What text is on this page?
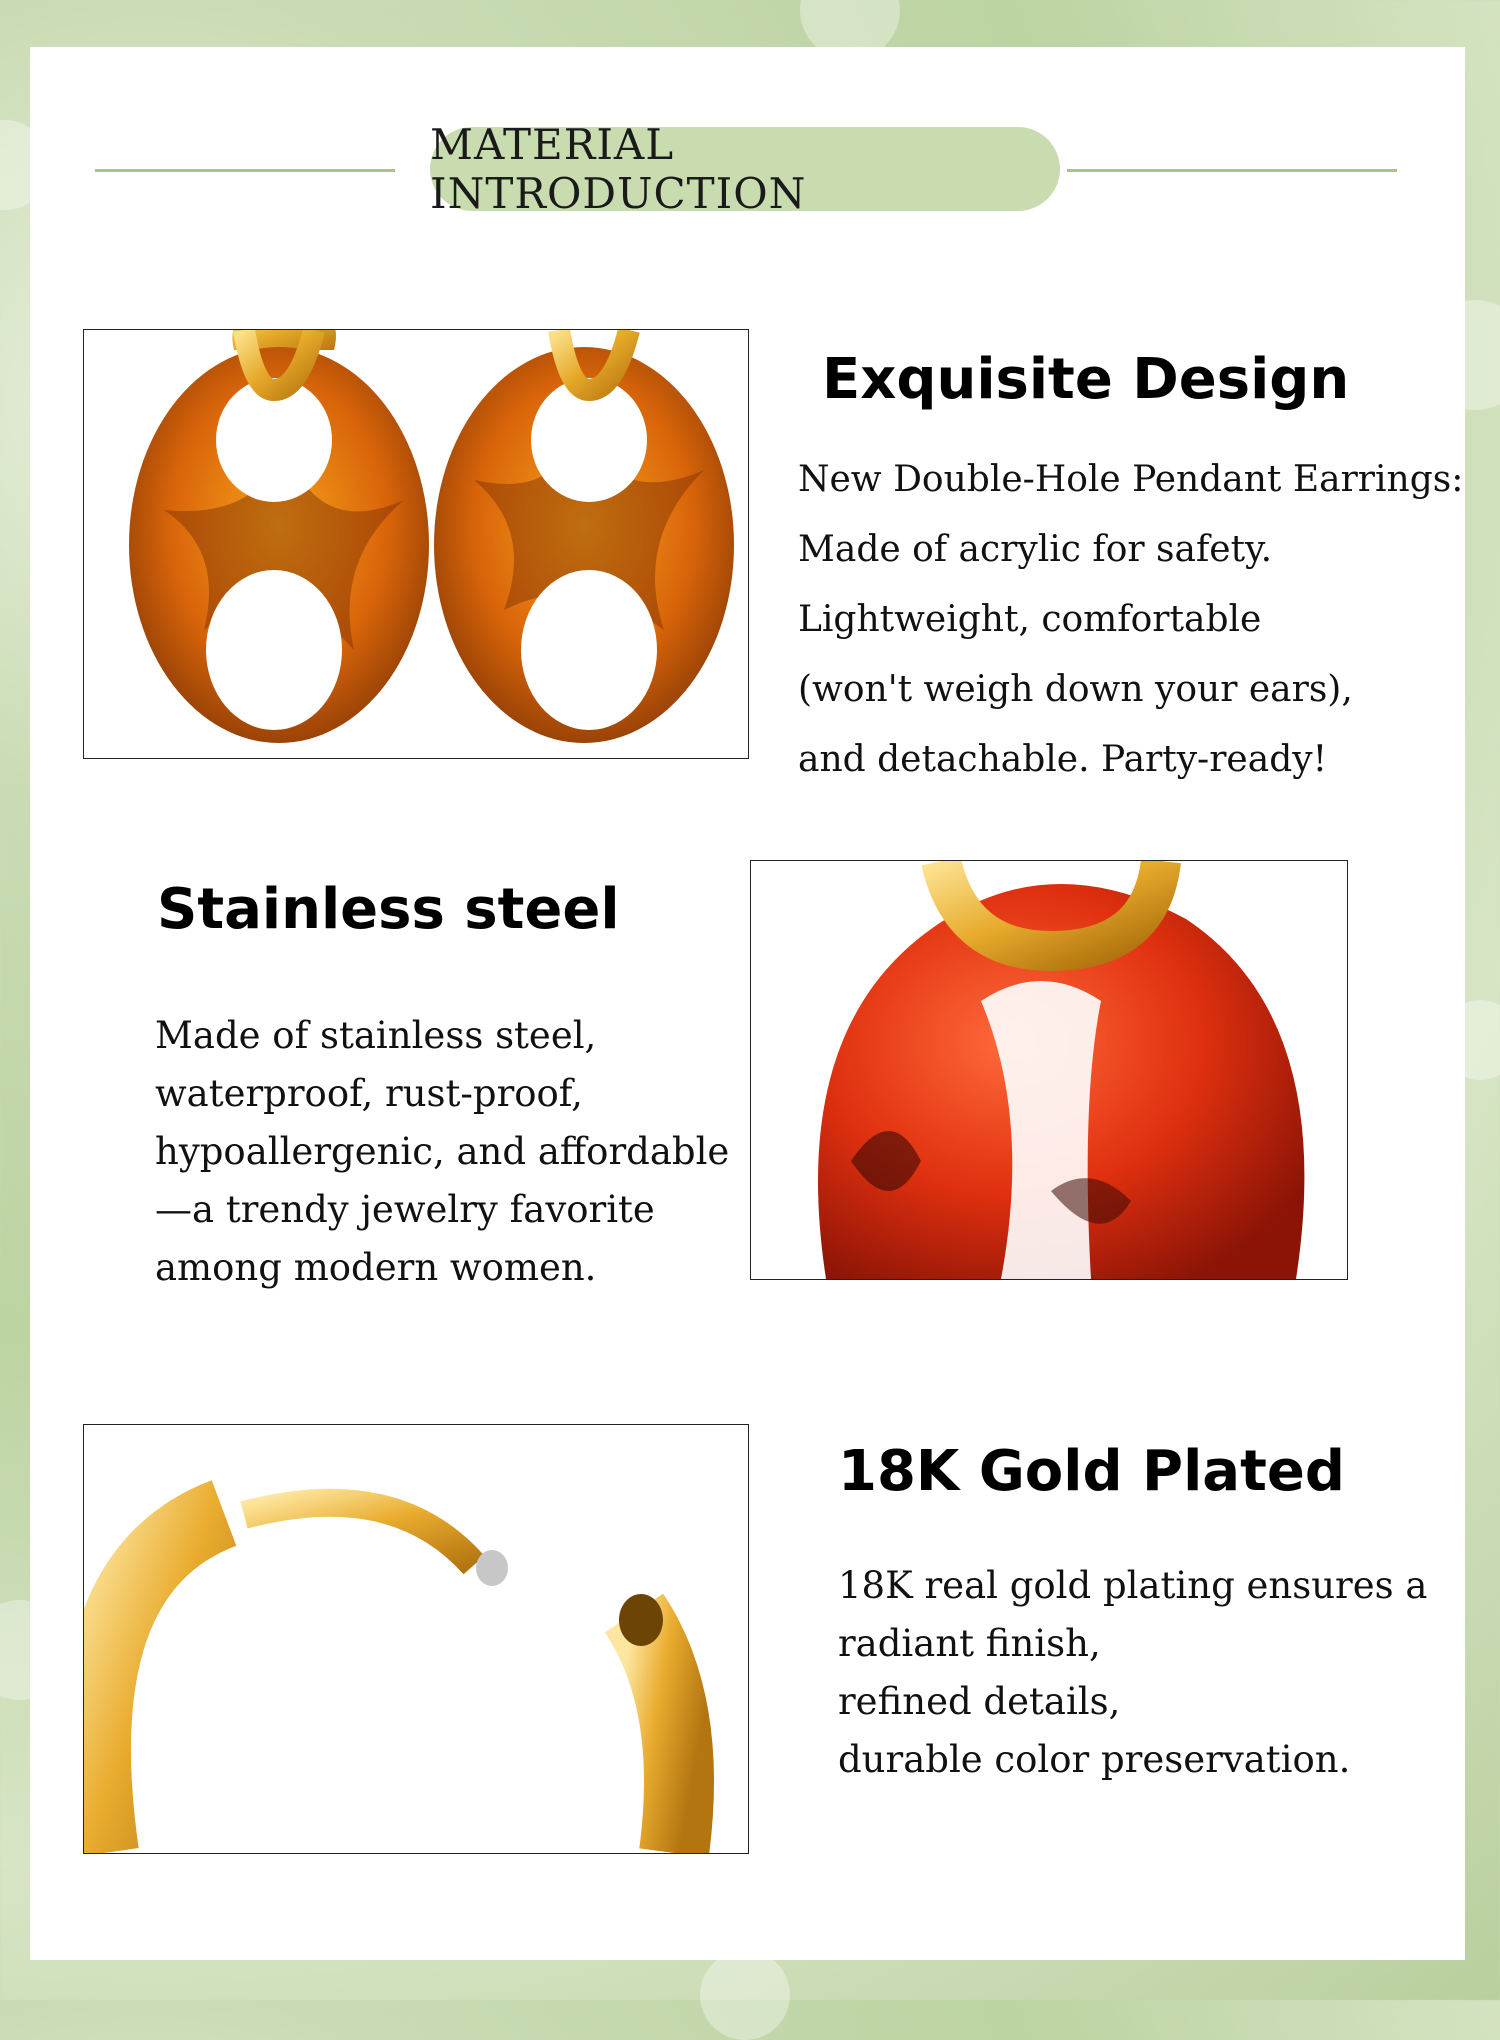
MATERIAL INTRODUCTION
Exquisite Design
New Double-Hole Pendant Earrings:
Made of acrylic for safety.
Lightweight, comfortable
(won't weigh down your ears),
and detachable. Party-ready!
Stainless steel
Made of stainless steel,
waterproof, rust-proof,
hypoallergenic, and affordable
—a trendy jewelry favorite
among modern women.
18K Gold Plated
18K real gold plating ensures a
radiant finish,
refined details,
durable color preservation.
